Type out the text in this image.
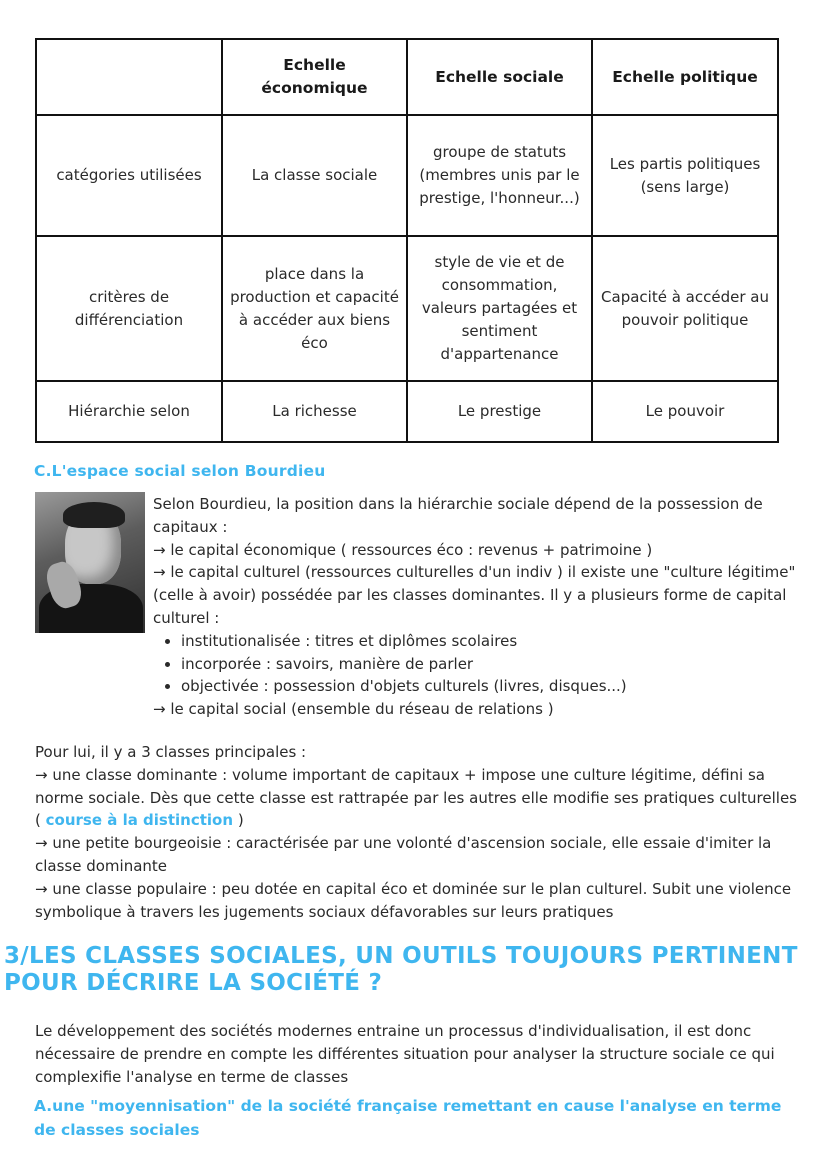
	Echelle économique	Echelle sociale	Echelle politique
catégories utilisées	La classe sociale	groupe de statuts (membres unis par le prestige, l'honneur...)	Les partis politiques (sens large)
critères de différenciation	place dans la production et capacité à accéder aux biens éco	style de vie et de consommation, valeurs partagées et sentiment d'appartenance	Capacité à accéder au pouvoir politique
Hiérarchie selon	La richesse	Le prestige	Le pouvoir
C.L'espace social selon Bourdieu

Selon Bourdieu, la position dans la hiérarchie sociale dépend de la possession de capitaux :

→ le capital économique ( ressources éco : revenus + patrimoine )

→ le capital culturel (ressources culturelles d'un indiv ) il existe une "culture légitime" (celle à avoir) possédée par les classes dominantes. Il y a plusieurs forme de capital culturel :

• institutionalisée : titres et diplômes scolaires
• incorporée : savoirs, manière de parler
• objectivée : possession d'objets culturels (livres, disques...)

→ le capital social (ensemble du réseau de relations )

Pour lui, il y a 3 classes principales :

→ une classe dominante : volume important de capitaux + impose une culture légitime, défini sa norme sociale. Dès que cette classe est rattrapée par les autres elle modifie ses pratiques culturelles ( course à la distinction )

→ une petite bourgeoisie : caractérisée par une volonté d'ascension sociale, elle essaie d'imiter la classe dominante

→ une classe populaire : peu dotée en capital éco et dominée sur le plan culturel. Subit une violence symbolique à travers les jugements sociaux défavorables sur leurs pratiques

3/LES CLASSES SOCIALES, UN OUTILS TOUJOURS PERTINENT POUR DÉCRIRE LA SOCIÉTÉ ?

Le développement des sociétés modernes entraine un processus d'individualisation, il est donc nécessaire de prendre en compte les différentes situation pour analyser la structure sociale ce qui complexifie l'analyse en terme de classes

A.une "moyennisation" de la société française remettant en cause l'analyse en terme de classes sociales
